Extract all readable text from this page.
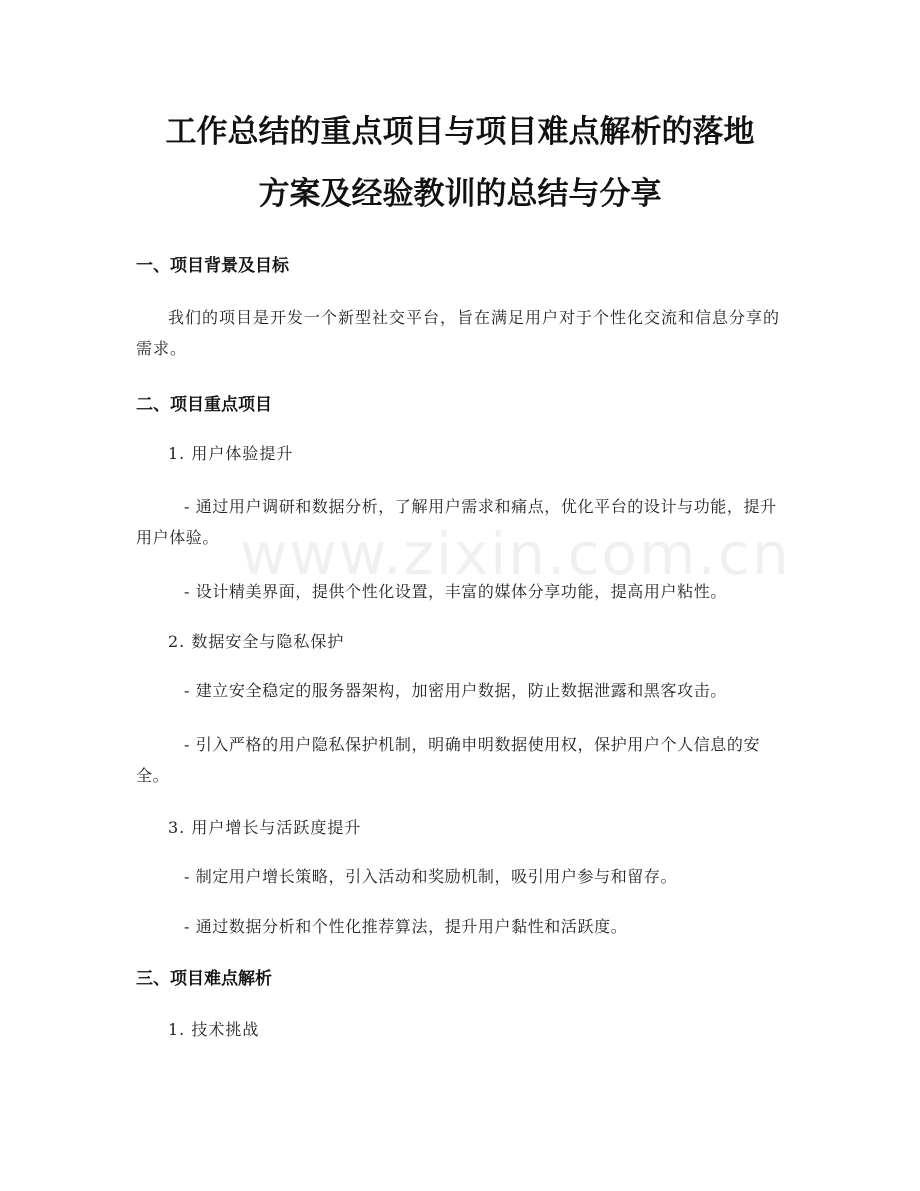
www.zixin.com.cn
工作总结的重点项目与项目难点解析的落地
方案及经验教训的总结与分享
一、项目背景及目标

我们的项目是开发一个新型社交平台，旨在满足用户对于个性化交流和信息分享的需求。

二、项目重点项目

1. 用户体验提升

- 通过用户调研和数据分析，了解用户需求和痛点，优化平台的设计与功能，提升用户体验。

- 设计精美界面，提供个性化设置，丰富的媒体分享功能，提高用户粘性。

2. 数据安全与隐私保护

- 建立安全稳定的服务器架构，加密用户数据，防止数据泄露和黑客攻击。

- 引入严格的用户隐私保护机制，明确申明数据使用权，保护用户个人信息的安全。

3. 用户增长与活跃度提升

- 制定用户增长策略，引入活动和奖励机制，吸引用户参与和留存。

- 通过数据分析和个性化推荐算法，提升用户黏性和活跃度。

三、项目难点解析

1. 技术挑战
